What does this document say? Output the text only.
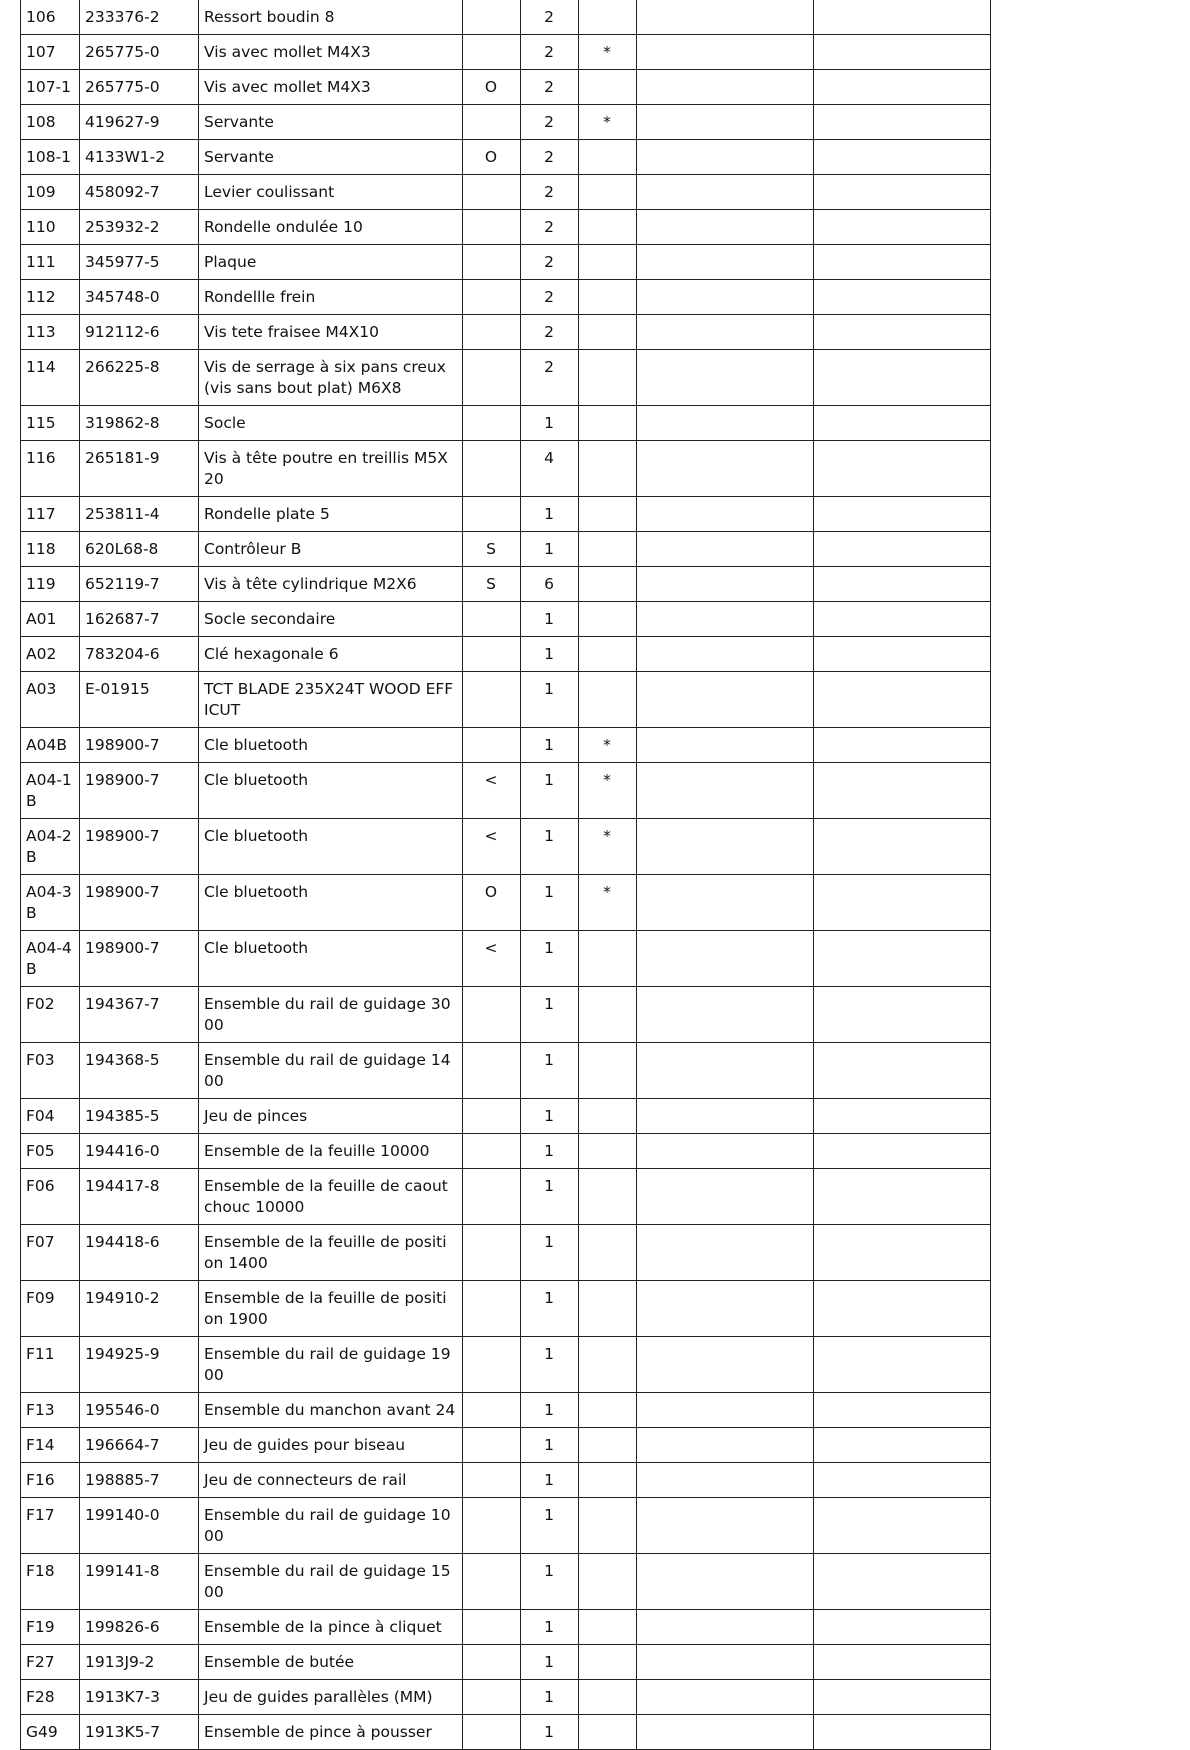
106	233376-2	Ressort boudin 8		2			
107	265775-0	Vis avec mollet M4X3		2	*		
107-1	265775-0	Vis avec mollet M4X3	O	2			
108	419627-9	Servante		2	*		
108-1	4133W1-2	Servante	O	2			
109	458092-7	Levier coulissant		2			
110	253932-2	Rondelle ondulée 10		2			
111	345977-5	Plaque		2			
112	345748-0	Rondellle frein		2			
113	912112-6	Vis tete fraisee M4X10		2			
114	266225-8	Vis de serrage à six pans creux (vis sans bout plat) M6X8		2			
115	319862-8	Socle		1			
116	265181-9	Vis à tête poutre en treillis M5X20		4			
117	253811-4	Rondelle plate 5		1			
118	620L68-8	Contrôleur B	S	1			
119	652119-7	Vis à tête cylindrique M2X6	S	6			
A01	162687-7	Socle secondaire		1			
A02	783204-6	Clé hexagonale 6		1			
A03	E-01915	TCT BLADE 235X24T WOOD EFFICUT		1			
A04B	198900-7	Cle bluetooth		1	*		
A04-1B	198900-7	Cle bluetooth	<	1	*		
A04-2B	198900-7	Cle bluetooth	<	1	*		
A04-3B	198900-7	Cle bluetooth	O	1	*		
A04-4B	198900-7	Cle bluetooth	<	1			
F02	194367-7	Ensemble du rail de guidage 3000		1			
F03	194368-5	Ensemble du rail de guidage 1400		1			
F04	194385-5	Jeu de pinces		1			
F05	194416-0	Ensemble de la feuille 10000		1			
F06	194417-8	Ensemble de la feuille de caoutchouc 10000		1			
F07	194418-6	Ensemble de la feuille de position 1400		1			
F09	194910-2	Ensemble de la feuille de position 1900		1			
F11	194925-9	Ensemble du rail de guidage 1900		1			
F13	195546-0	Ensemble du manchon avant 24		1			
F14	196664-7	Jeu de guides pour biseau		1			
F16	198885-7	Jeu de connecteurs de rail		1			
F17	199140-0	Ensemble du rail de guidage 1000		1			
F18	199141-8	Ensemble du rail de guidage 1500		1			
F19	199826-6	Ensemble de la pince à cliquet		1			
F27	1913J9-2	Ensemble de butée		1			
F28	1913K7-3	Jeu de guides parallèles (MM)		1			
G49	1913K5-7	Ensemble de pince à pousser		1			
